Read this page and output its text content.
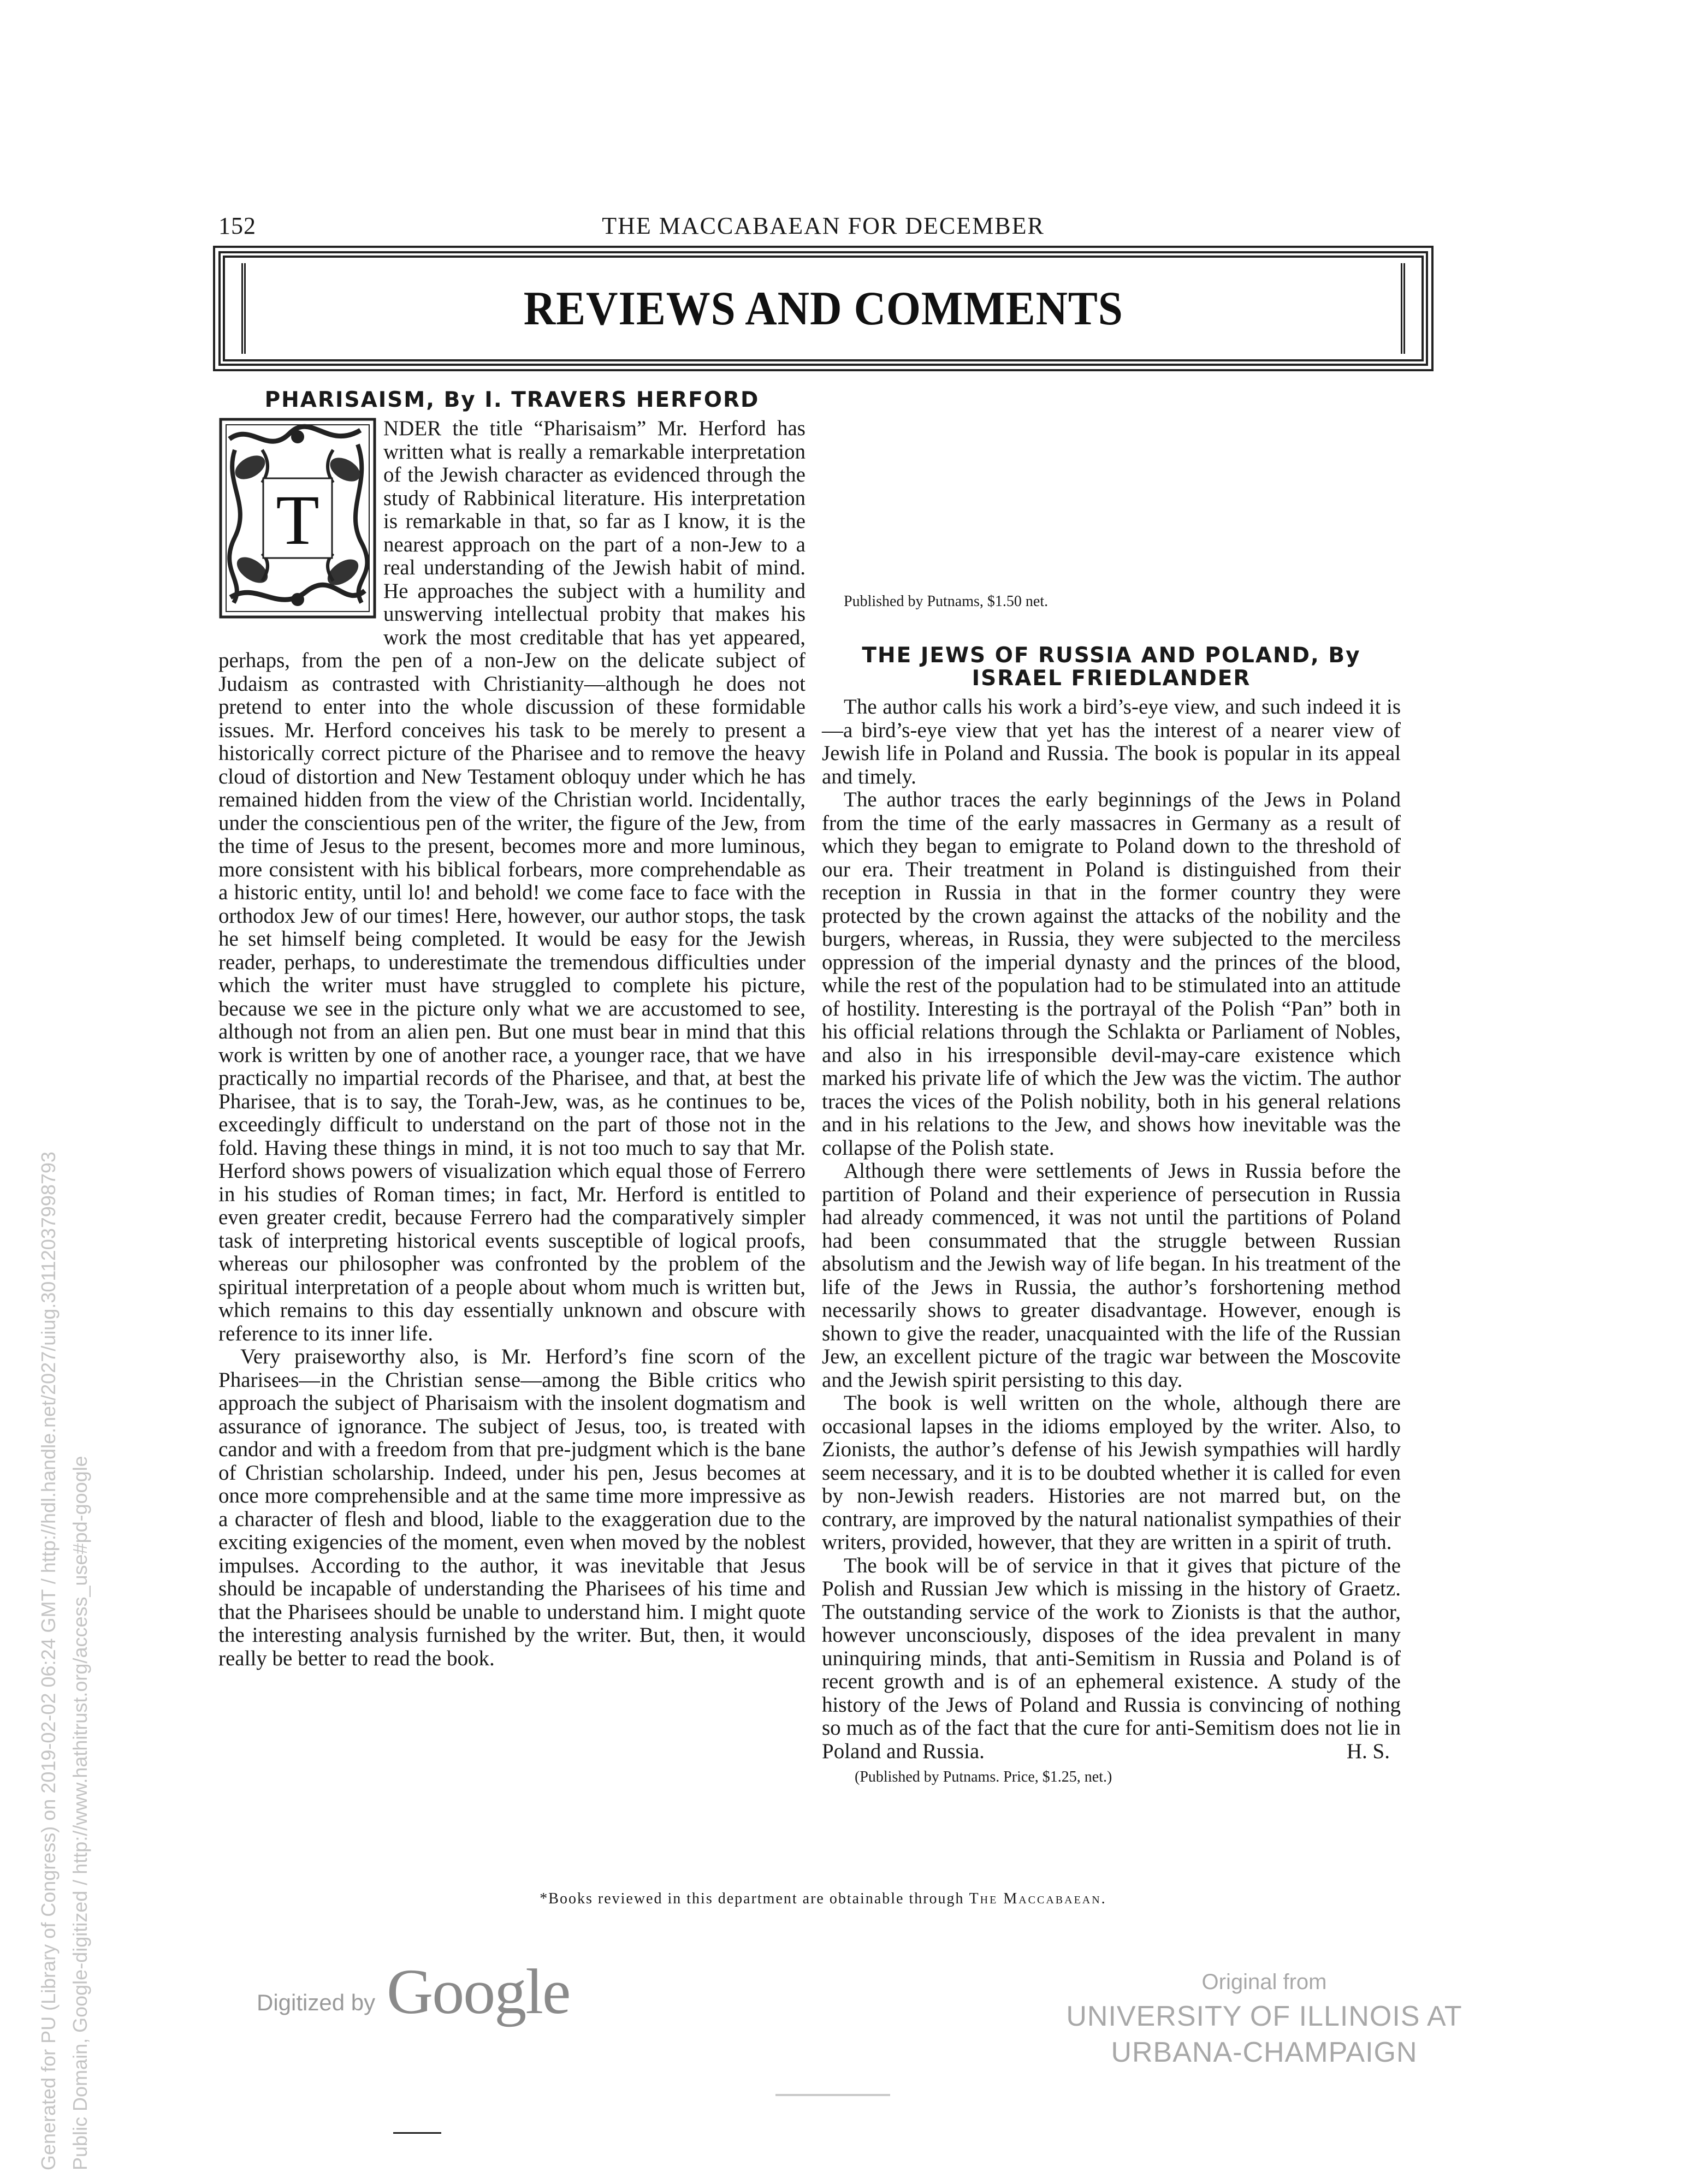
Generated for PU (Library of Congress) on 2019-02-02 06:24 GMT / http://hdl.handle.net/2027/uiug.30112037998793 Public Domain, Google-digitized / http://www.hathitrust.org/access_use#pd-google
152	THE MACCABAEAN FOR DECEMBER
REVIEWS AND COMMENTS
PHARISAISM, By I. TRAVERS HERFORD
T

NDER the title “Pharisaism” Mr. Herford has written what is really a remarkable interpretation of the Jewish character as evidenced through the study of Rabbinical literature. His interpretation is remarkable in that, so far as I know, it is the nearest approach on the part of a non-Jew to a real understanding of the Jewish habit of mind. He approaches the subject with a humility and unswerving intellectual probity that makes his work the most creditable that has yet appeared, perhaps, from the pen of a non-Jew on the delicate subject of Judaism as contrasted with Christianity—although he does not pretend to enter into the whole discussion of these formidable issues. Mr. Herford conceives his task to be merely to present a historically correct picture of the Pharisee and to remove the heavy cloud of distortion and New Testament obloquy under which he has remained hidden from the view of the Christian world. Incidentally, under the conscientious pen of the writer, the figure of the Jew, from the time of Jesus to the present, becomes more and more luminous, more consistent with his biblical forbears, more comprehendable as a historic entity, until lo! and behold! we come face to face with the orthodox Jew of our times! Here, however, our author stops, the task he set himself being completed. It would be easy for the Jewish reader, perhaps, to underestimate the tremendous difficulties under which the writer must have struggled to complete his picture, because we see in the picture only what we are accustomed to see, although not from an alien pen. But one must bear in mind that this work is written by one of another race, a younger race, that we have practically no impartial records of the Pharisee, and that, at best the Pharisee, that is to say, the Torah-Jew, was, as he continues to be, exceedingly difficult to understand on the part of those not in the fold. Having these things in mind, it is not too much to say that Mr. Herford shows powers of visualization which equal those of Ferrero in his studies of Roman times; in fact, Mr. Herford is entitled to even greater credit, because Ferrero had the comparatively simpler task of interpreting historical events susceptible of logical proofs, whereas our philosopher was confronted by the problem of the spiritual interpretation of a people about whom much is written but, which remains to this day essentially unknown and obscure with reference to its inner life.

Very praiseworthy also, is Mr. Herford’s fine scorn of the Pharisees—in the Christian sense—among the Bible critics who approach the subject of Pharisaism with the insolent dogmatism and assurance of ignorance. The subject of Jesus, too, is treated with candor and with a freedom from that pre-judgment which is the bane of Christian scholarship. Indeed, under his pen, Jesus becomes at once more comprehensible and at the same time more impressive as a character of flesh and blood, liable to the exaggeration due to the exciting exigencies of the moment, even when moved by the noblest impulses. According to the author, it was inevitable that Jesus should be incapable of understanding the Pharisees of his time and that the Pharisees should be unable to understand him. I might quote the interesting analysis furnished by the writer. But, then, it would really be better to read the book.

Published by Putnams, $1.50 net.

THE JEWS OF RUSSIA AND POLAND, By ISRAEL FRIEDLANDER

The author calls his work a bird’s-eye view, and such indeed it is—a bird’s-eye view that yet has the interest of a nearer view of Jewish life in Poland and Russia. The book is popular in its appeal and timely.

The author traces the early beginnings of the Jews in Poland from the time of the early massacres in Germany as a result of which they began to emigrate to Poland down to the threshold of our era. Their treatment in Poland is distinguished from their reception in Russia in that in the former country they were protected by the crown against the attacks of the nobility and the burgers, whereas, in Russia, they were subjected to the merciless oppression of the imperial dynasty and the princes of the blood, while the rest of the population had to be stimulated into an attitude of hostility. Interesting is the portrayal of the Polish “Pan” both in his official relations through the Schlakta or Parliament of Nobles, and also in his irresponsible devil-may-care existence which marked his private life of which the Jew was the victim. The author traces the vices of the Polish nobility, both in his general relations and in his relations to the Jew, and shows how inevitable was the collapse of the Polish state.

Although there were settlements of Jews in Russia before the partition of Poland and their experience of persecution in Russia had already commenced, it was not until the partitions of Poland had been consummated that the struggle between Russian absolutism and the Jewish way of life began. In his treatment of the life of the Jews in Russia, the author’s forshortening method necessarily shows to greater disadvantage. However, enough is shown to give the reader, unacquainted with the life of the Russian Jew, an excellent picture of the tragic war between the Moscovite and the Jewish spirit persisting to this day.

The book is well written on the whole, although there are occasional lapses in the idioms employed by the writer. Also, to Zionists, the author’s defense of his Jewish sympathies will hardly seem necessary, and it is to be doubted whether it is called for even by non-Jewish readers. Histories are not marred but, on the contrary, are improved by the natural nationalist sympathies of their writers, provided, however, that they are written in a spirit of truth.

The book will be of service in that it gives that picture of the Polish and Russian Jew which is missing in the history of Graetz. The outstanding service of the work to Zionists is that the author, however unconsciously, disposes of the idea prevalent in many uninquiring minds, that anti-Semitism in Russia and Poland is of recent growth and is of an ephemeral existence. A study of the history of the Jews of Poland and Russia is convincing of nothing so much as of the fact that the cure for anti-Semitism does not lie in Poland and Russia.	H. S.

(Published by Putnams. Price, $1.25, net.)

*Books reviewed in this department are obtainable through The Maccabaean.
Digitized by Google	Original from
UNIVERSITY OF ILLINOIS AT
URBANA-CHAMPAIGN
